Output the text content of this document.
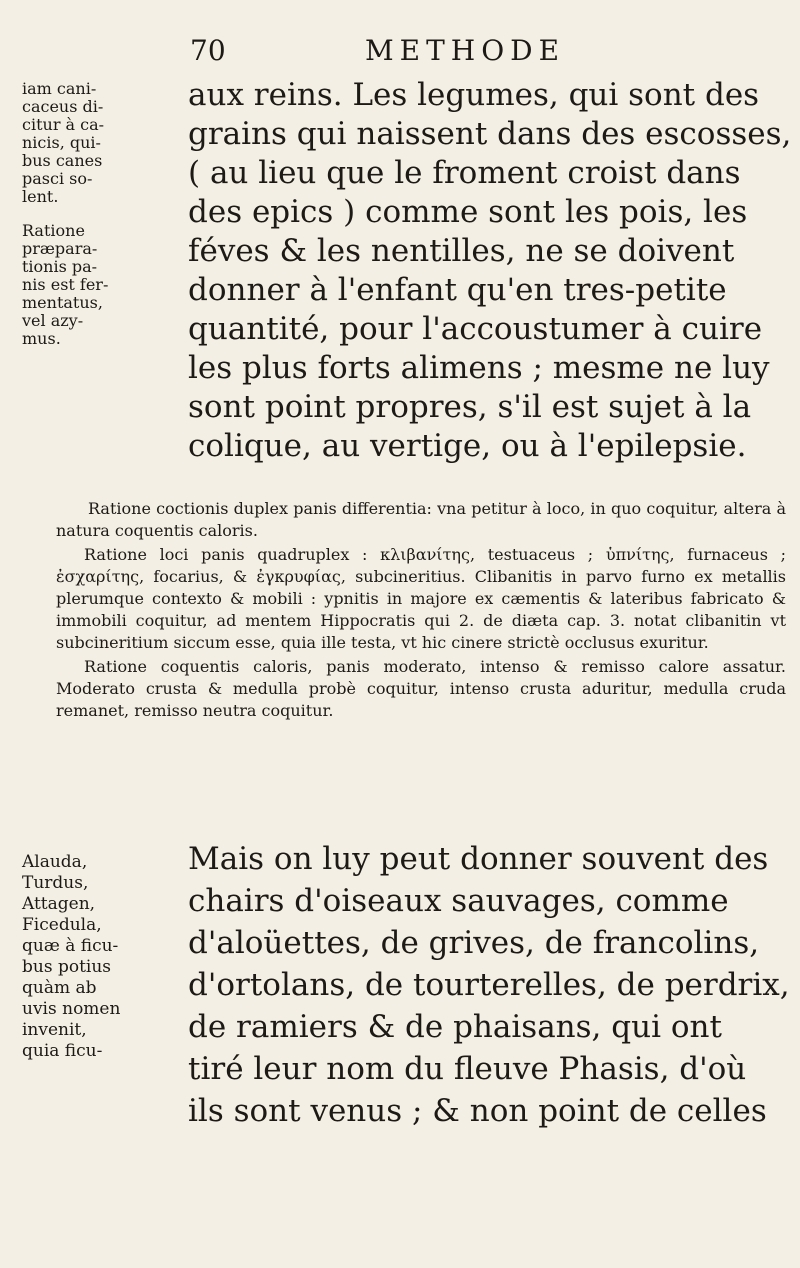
70	METHODE
iam cani-
caceus di-
citur à ca-
nicis, qui-
bus canes
pasci so-
lent.
Ratione
præpara-
tionis pa-
nis est fer-
mentatus,
vel azy-
mus.
aux reins. Les legumes, qui sont des
grains qui naissent dans des escosses,
( au lieu que le froment croist dans
des epics ) comme sont les pois, les
féves & les nentilles, ne se doivent
donner à l'enfant qu'en tres-petite
quantité, pour l'accoustumer à cuire
les plus forts alimens ; mesme ne luy
sont point propres, s'il est sujet à la
colique, au vertige, ou à l'epilepsie.

Ratione coctionis duplex panis differentia: vna petitur à loco, in quo coquitur, altera à natura coquentis caloris.

Ratione loci panis quadruplex : κλιβανίτης, testuaceus ; ὑπνίτης, furnaceus ; ἐσχαρίτης, focarius, & ἐγκρυφίας, subcineritius. Clibanitis in parvo furno ex metallis plerumque contexto & mobili : ypnitis in majore ex cæmentis & lateribus fabricato & immobili coquitur, ad mentem Hippocratis qui 2. de diæta cap. 3. notat clibanitin vt subcineritium siccum esse, quia ille testa, vt hic cinere strictè occlusus exuritur.

Ratione coquentis caloris, panis moderato, intenso & remisso calore assatur. Moderato crusta & medulla probè coquitur, intenso crusta aduritur, medulla cruda remanet, remisso neutra coquitur.

Alauda,
Turdus,
Attagen,
Ficedula,
quæ à ficu-
bus potius
quàm ab
uvis nomen
invenit,
quia ficu-
Mais on luy peut donner souvent des
chairs d'oiseaux sauvages, comme
d'aloüettes, de grives, de francolins,
d'ortolans, de tourterelles, de perdrix,
de ramiers & de phaisans, qui ont
tiré leur nom du fleuve Phasis, d'où
ils sont venus ; & non point de celles
